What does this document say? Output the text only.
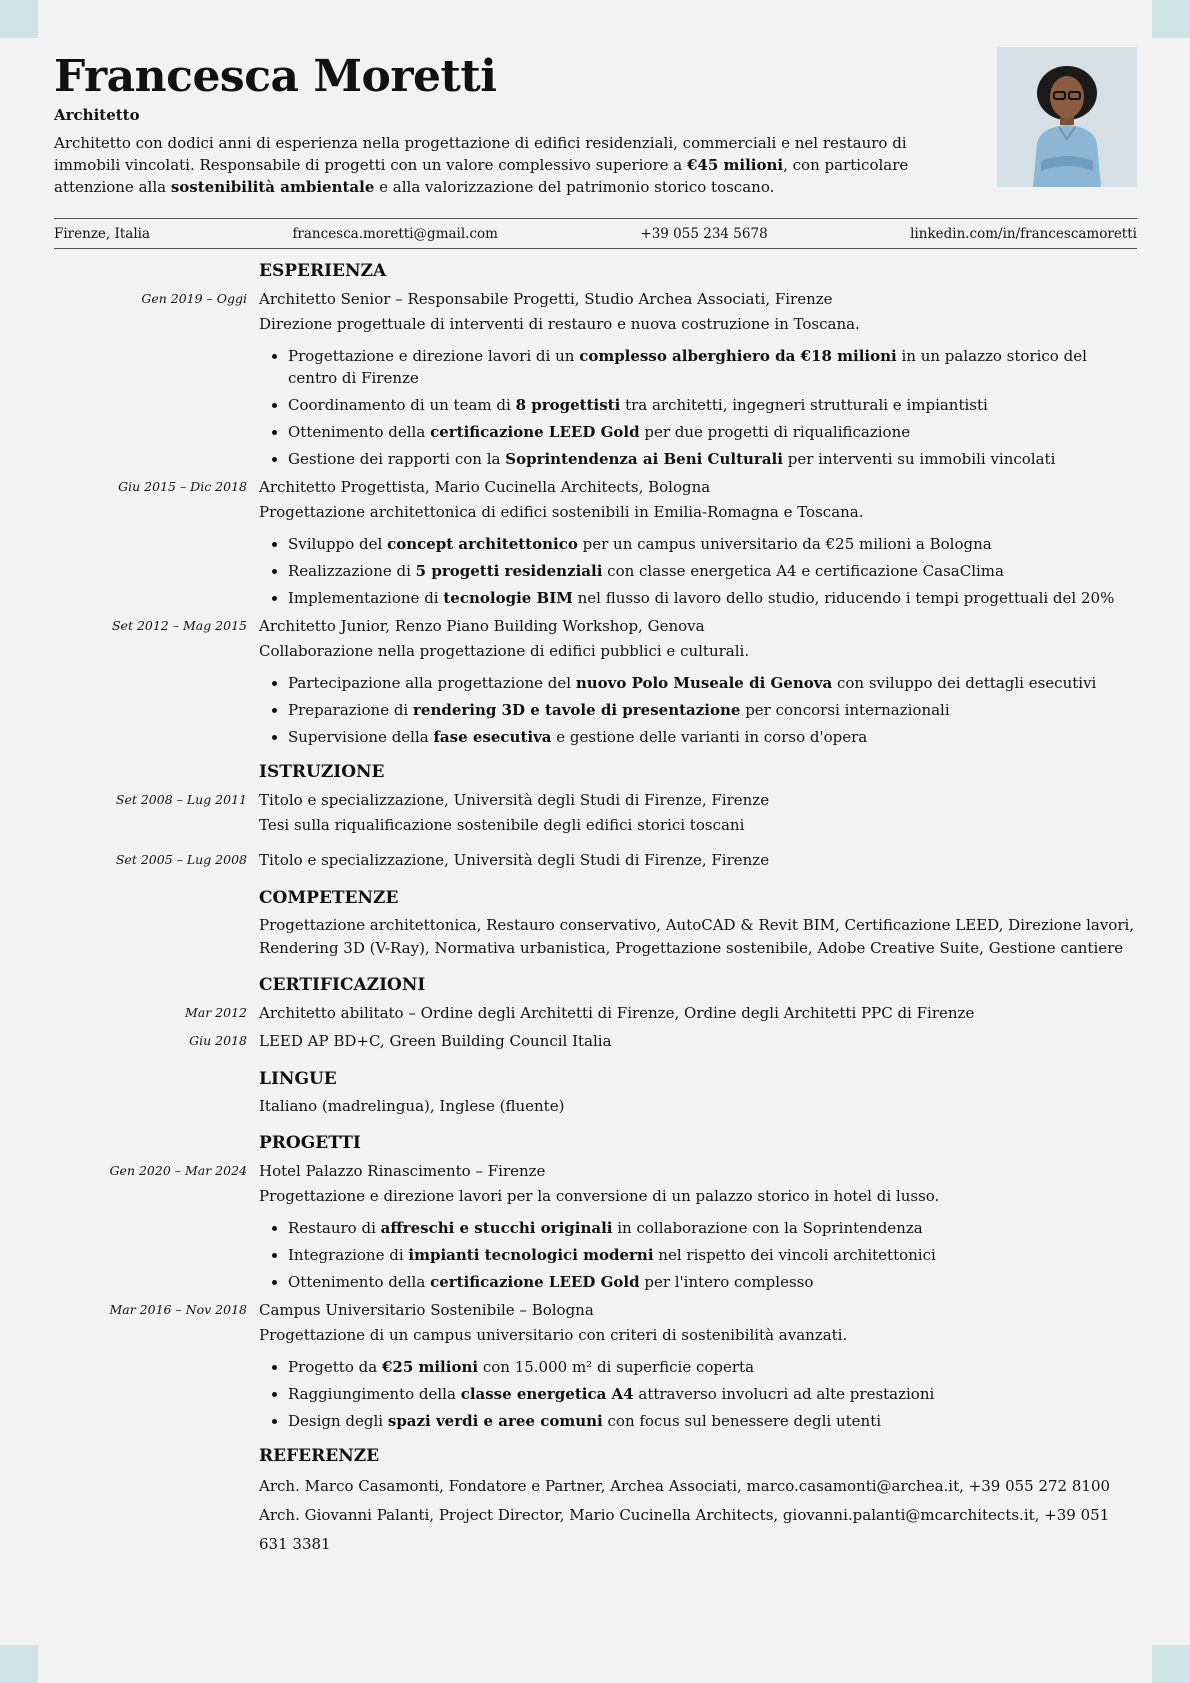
Francesca Moretti
Architetto
Architetto con dodici anni di esperienza nella progettazione di edifici residenziali, commerciali e nel restauro di immobili vincolati. Responsabile di progetti con un valore complessivo superiore a €45 milioni, con particolare attenzione alla sostenibilità ambientale e alla valorizzazione del patrimonio storico toscano.
Firenze, Italia	francesca.moretti@gmail.com	+39 055 234 5678	linkedin.com/in/francescamoretti
ESPERIENZA
Gen 2019 – Oggi Architetto Senior – Responsabile Progetti, Studio Archea Associati, Firenze
Direzione progettuale di interventi di restauro e nuova costruzione in Toscana.
• Progettazione e direzione lavori di un complesso alberghiero da €18 milioni in un palazzo storico del centro di Firenze
• Coordinamento di un team di 8 progettisti tra architetti, ingegneri strutturali e impiantisti
• Ottenimento della certificazione LEED Gold per due progetti di riqualificazione
• Gestione dei rapporti con la Soprintendenza ai Beni Culturali per interventi su immobili vincolati
Giu 2015 – Dic 2018 Architetto Progettista, Mario Cucinella Architects, Bologna
Progettazione architettonica di edifici sostenibili in Emilia-Romagna e Toscana.
• Sviluppo del concept architettonico per un campus universitario da €25 milioni a Bologna
• Realizzazione di 5 progetti residenziali con classe energetica A4 e certificazione CasaClima
• Implementazione di tecnologie BIM nel flusso di lavoro dello studio, riducendo i tempi progettuali del 20%
Set 2012 – Mag 2015 Architetto Junior, Renzo Piano Building Workshop, Genova
Collaborazione nella progettazione di edifici pubblici e culturali.
• Partecipazione alla progettazione del nuovo Polo Museale di Genova con sviluppo dei dettagli esecutivi
• Preparazione di rendering 3D e tavole di presentazione per concorsi internazionali
• Supervisione della fase esecutiva e gestione delle varianti in corso d'opera
ISTRUZIONE
Set 2008 – Lug 2011 Titolo e specializzazione, Università degli Studi di Firenze, Firenze
Tesi sulla riqualificazione sostenibile degli edifici storici toscani
Set 2005 – Lug 2008 Titolo e specializzazione, Università degli Studi di Firenze, Firenze
COMPETENZE
Progettazione architettonica, Restauro conservativo, AutoCAD & Revit BIM, Certificazione LEED, Direzione lavori, Rendering 3D (V-Ray), Normativa urbanistica, Progettazione sostenibile, Adobe Creative Suite, Gestione cantiere
CERTIFICAZIONI
Mar 2012 Architetto abilitato – Ordine degli Architetti di Firenze, Ordine degli Architetti PPC di Firenze
Giu 2018 LEED AP BD+C, Green Building Council Italia
LINGUE
Italiano (madrelingua), Inglese (fluente)
PROGETTI
Gen 2020 – Mar 2024 Hotel Palazzo Rinascimento – Firenze
Progettazione e direzione lavori per la conversione di un palazzo storico in hotel di lusso.
• Restauro di affreschi e stucchi originali in collaborazione con la Soprintendenza
• Integrazione di impianti tecnologici moderni nel rispetto dei vincoli architettonici
• Ottenimento della certificazione LEED Gold per l'intero complesso
Mar 2016 – Nov 2018 Campus Universitario Sostenibile – Bologna
Progettazione di un campus universitario con criteri di sostenibilità avanzati.
• Progetto da €25 milioni con 15.000 m² di superficie coperta
• Raggiungimento della classe energetica A4 attraverso involucri ad alte prestazioni
• Design degli spazi verdi e aree comuni con focus sul benessere degli utenti
REFERENZE
Arch. Marco Casamonti, Fondatore e Partner, Archea Associati, marco.casamonti@archea.it, +39 055 272 8100
Arch. Giovanni Palanti, Project Director, Mario Cucinella Architects, giovanni.palanti@mcarchitects.it, +39 051 631 3381
